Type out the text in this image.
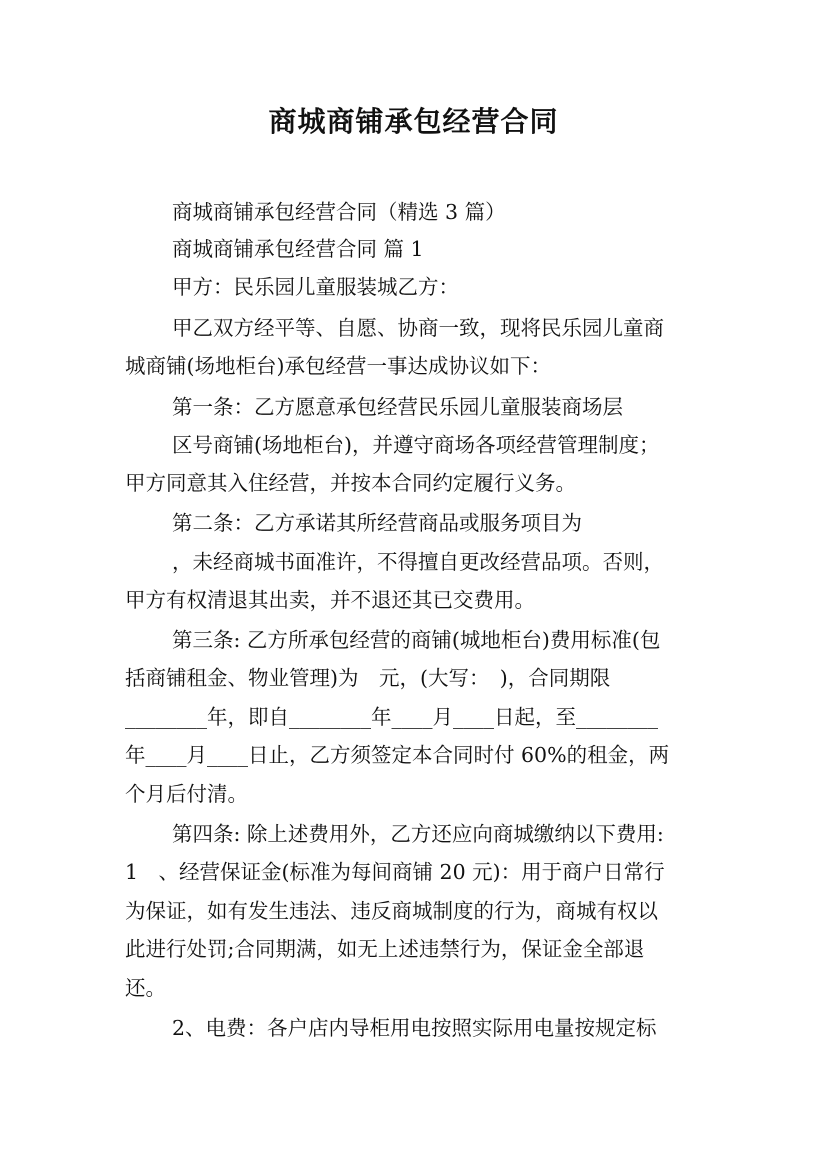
商城商铺承包经营合同
商城商铺承包经营合同（精选 3 篇）
商城商铺承包经营合同 篇 1
甲方：民乐园儿童服装城乙方：
甲乙双方经平等、自愿、协商一致，现将民乐园儿童商
城商铺(场地柜台)承包经营一事达成协议如下：
第一条：乙方愿意承包经营民乐园儿童服装商场层
区号商铺(场地柜台)，并遵守商场各项经营管理制度；
甲方同意其入住经营，并按本合同约定履行义务。
第二条：乙方承诺其所经营商品或服务项目为
，未经商城书面准许，不得擅自更改经营品项。否则，
甲方有权清退其出卖，并不退还其已交费用。
第三条: 乙方所承包经营的商铺(城地柜台)费用标准(包
括商铺租金、物业管理)为　元，(大写：　)，合同期限
________年，即自________年____月____日起，至________
年____月____日止，乙方须签定本合同时付 60%的租金，两
个月后付清。
第四条: 除上述费用外，乙方还应向商城缴纳以下费用:
1　、经营保证金(标准为每间商铺 20 元)：用于商户日常行
为保证，如有发生违法、违反商城制度的行为，商城有权以
此进行处罚;合同期满，如无上述违禁行为，保证金全部退
还。
2、电费：各户店内导柜用电按照实际用电量按规定标
